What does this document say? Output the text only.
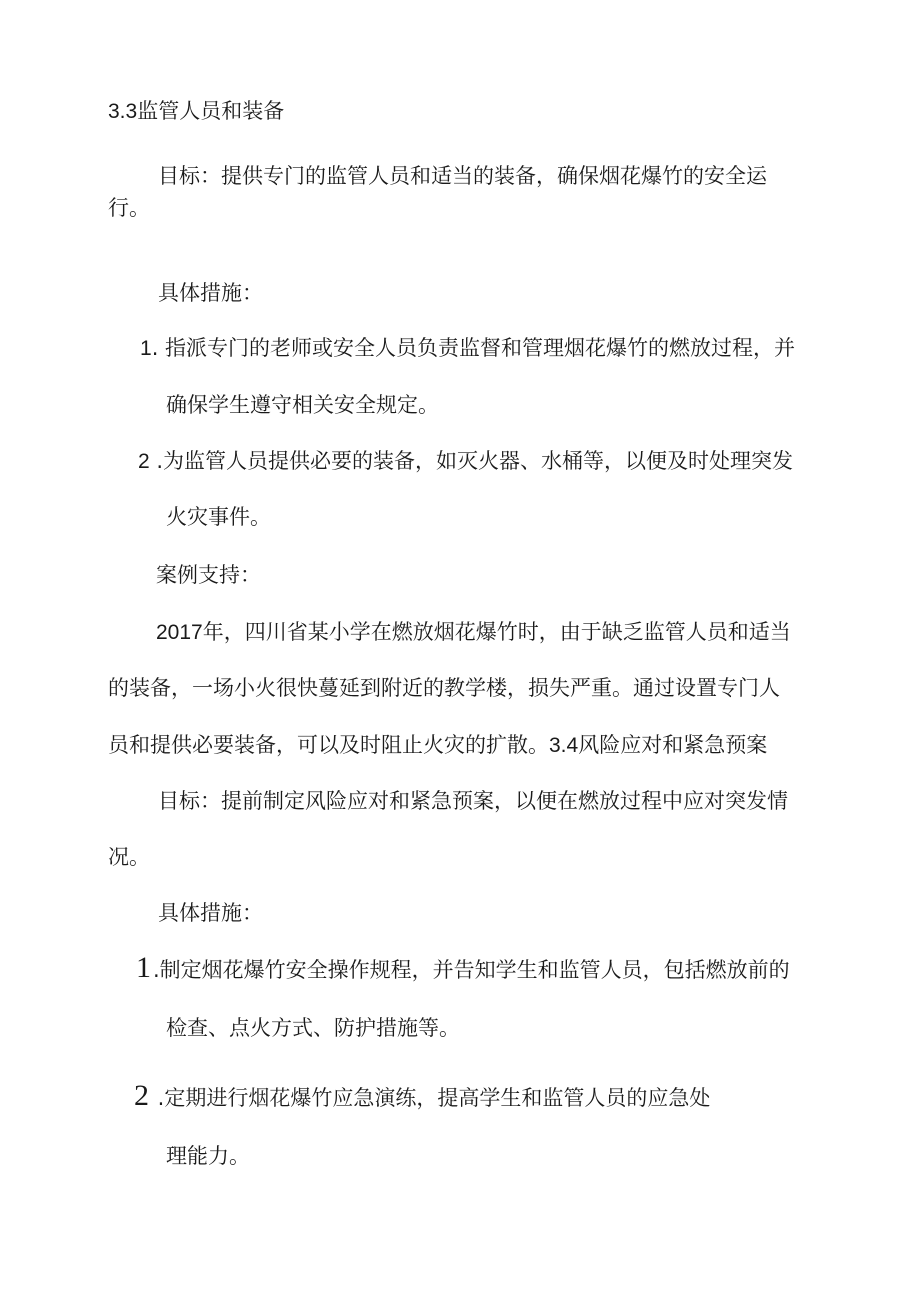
3.3监管人员和装备

目标：提供专门的监管人员和适当的装备，确保烟花爆竹的安全运

行。

具体措施：

1. 指派专门的老师或安全人员负责监督和管理烟花爆竹的燃放过程，并

确保学生遵守相关安全规定。

2 .为监管人员提供必要的装备，如灭火器、水桶等，以便及时处理突发

火灾事件。

案例支持：

2017年，四川省某小学在燃放烟花爆竹时，由于缺乏监管人员和适当

的装备，一场小火很快蔓延到附近的教学楼，损失严重。通过设置专门人

员和提供必要装备，可以及时阻止火灾的扩散。3.4风险应对和紧急预案

目标：提前制定风险应对和紧急预案，以便在燃放过程中应对突发情

况。

具体措施：

1.制定烟花爆竹安全操作规程，并告知学生和监管人员，包括燃放前的

检查、点火方式、防护措施等。

2 .定期进行烟花爆竹应急演练，提高学生和监管人员的应急处

理能力。
